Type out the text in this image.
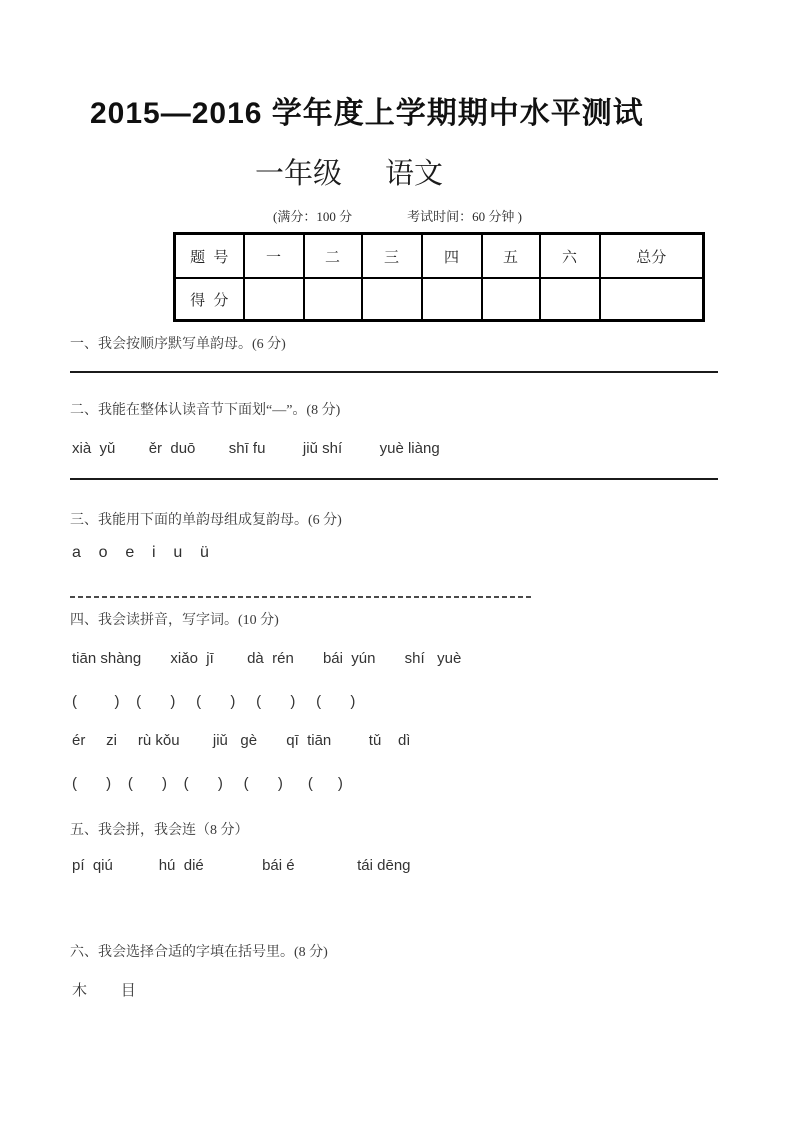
2015—2016 学年度上学期期中水平测试
一年级 语文
(满分：100 分	考试时间：60 分钟 )
题  号	一	二	三	四	五	六	总分
得  分							
一、我会按顺序默写单韵母。(6 分)
二、我能在整体认读音节下面划“—”。(8 分)
xià  yǔ        ěr  duō        shī fu         jiǔ shí         yuè liàng
三、我能用下面的单韵母组成复韵母。(6 分)
a    o    e    i    u    ü
四、我会读拼音，写字词。(10 分)
tiān shàng       xiǎo  jī        dà  rén       bái  yún       shí   yuè
(         )    (       )     (       )     (       )     (       )
ér     zi     rù kǒu        jiǔ   gè       qī  tiān         tǔ    dì
(       )    (       )    (       )     (       )      (      )
五、我会拼，我会连（8 分）
pí  qiú           hú  dié              bái é               tái dēng
六、我会选择合适的字填在括号里。(8 分)
木         目
